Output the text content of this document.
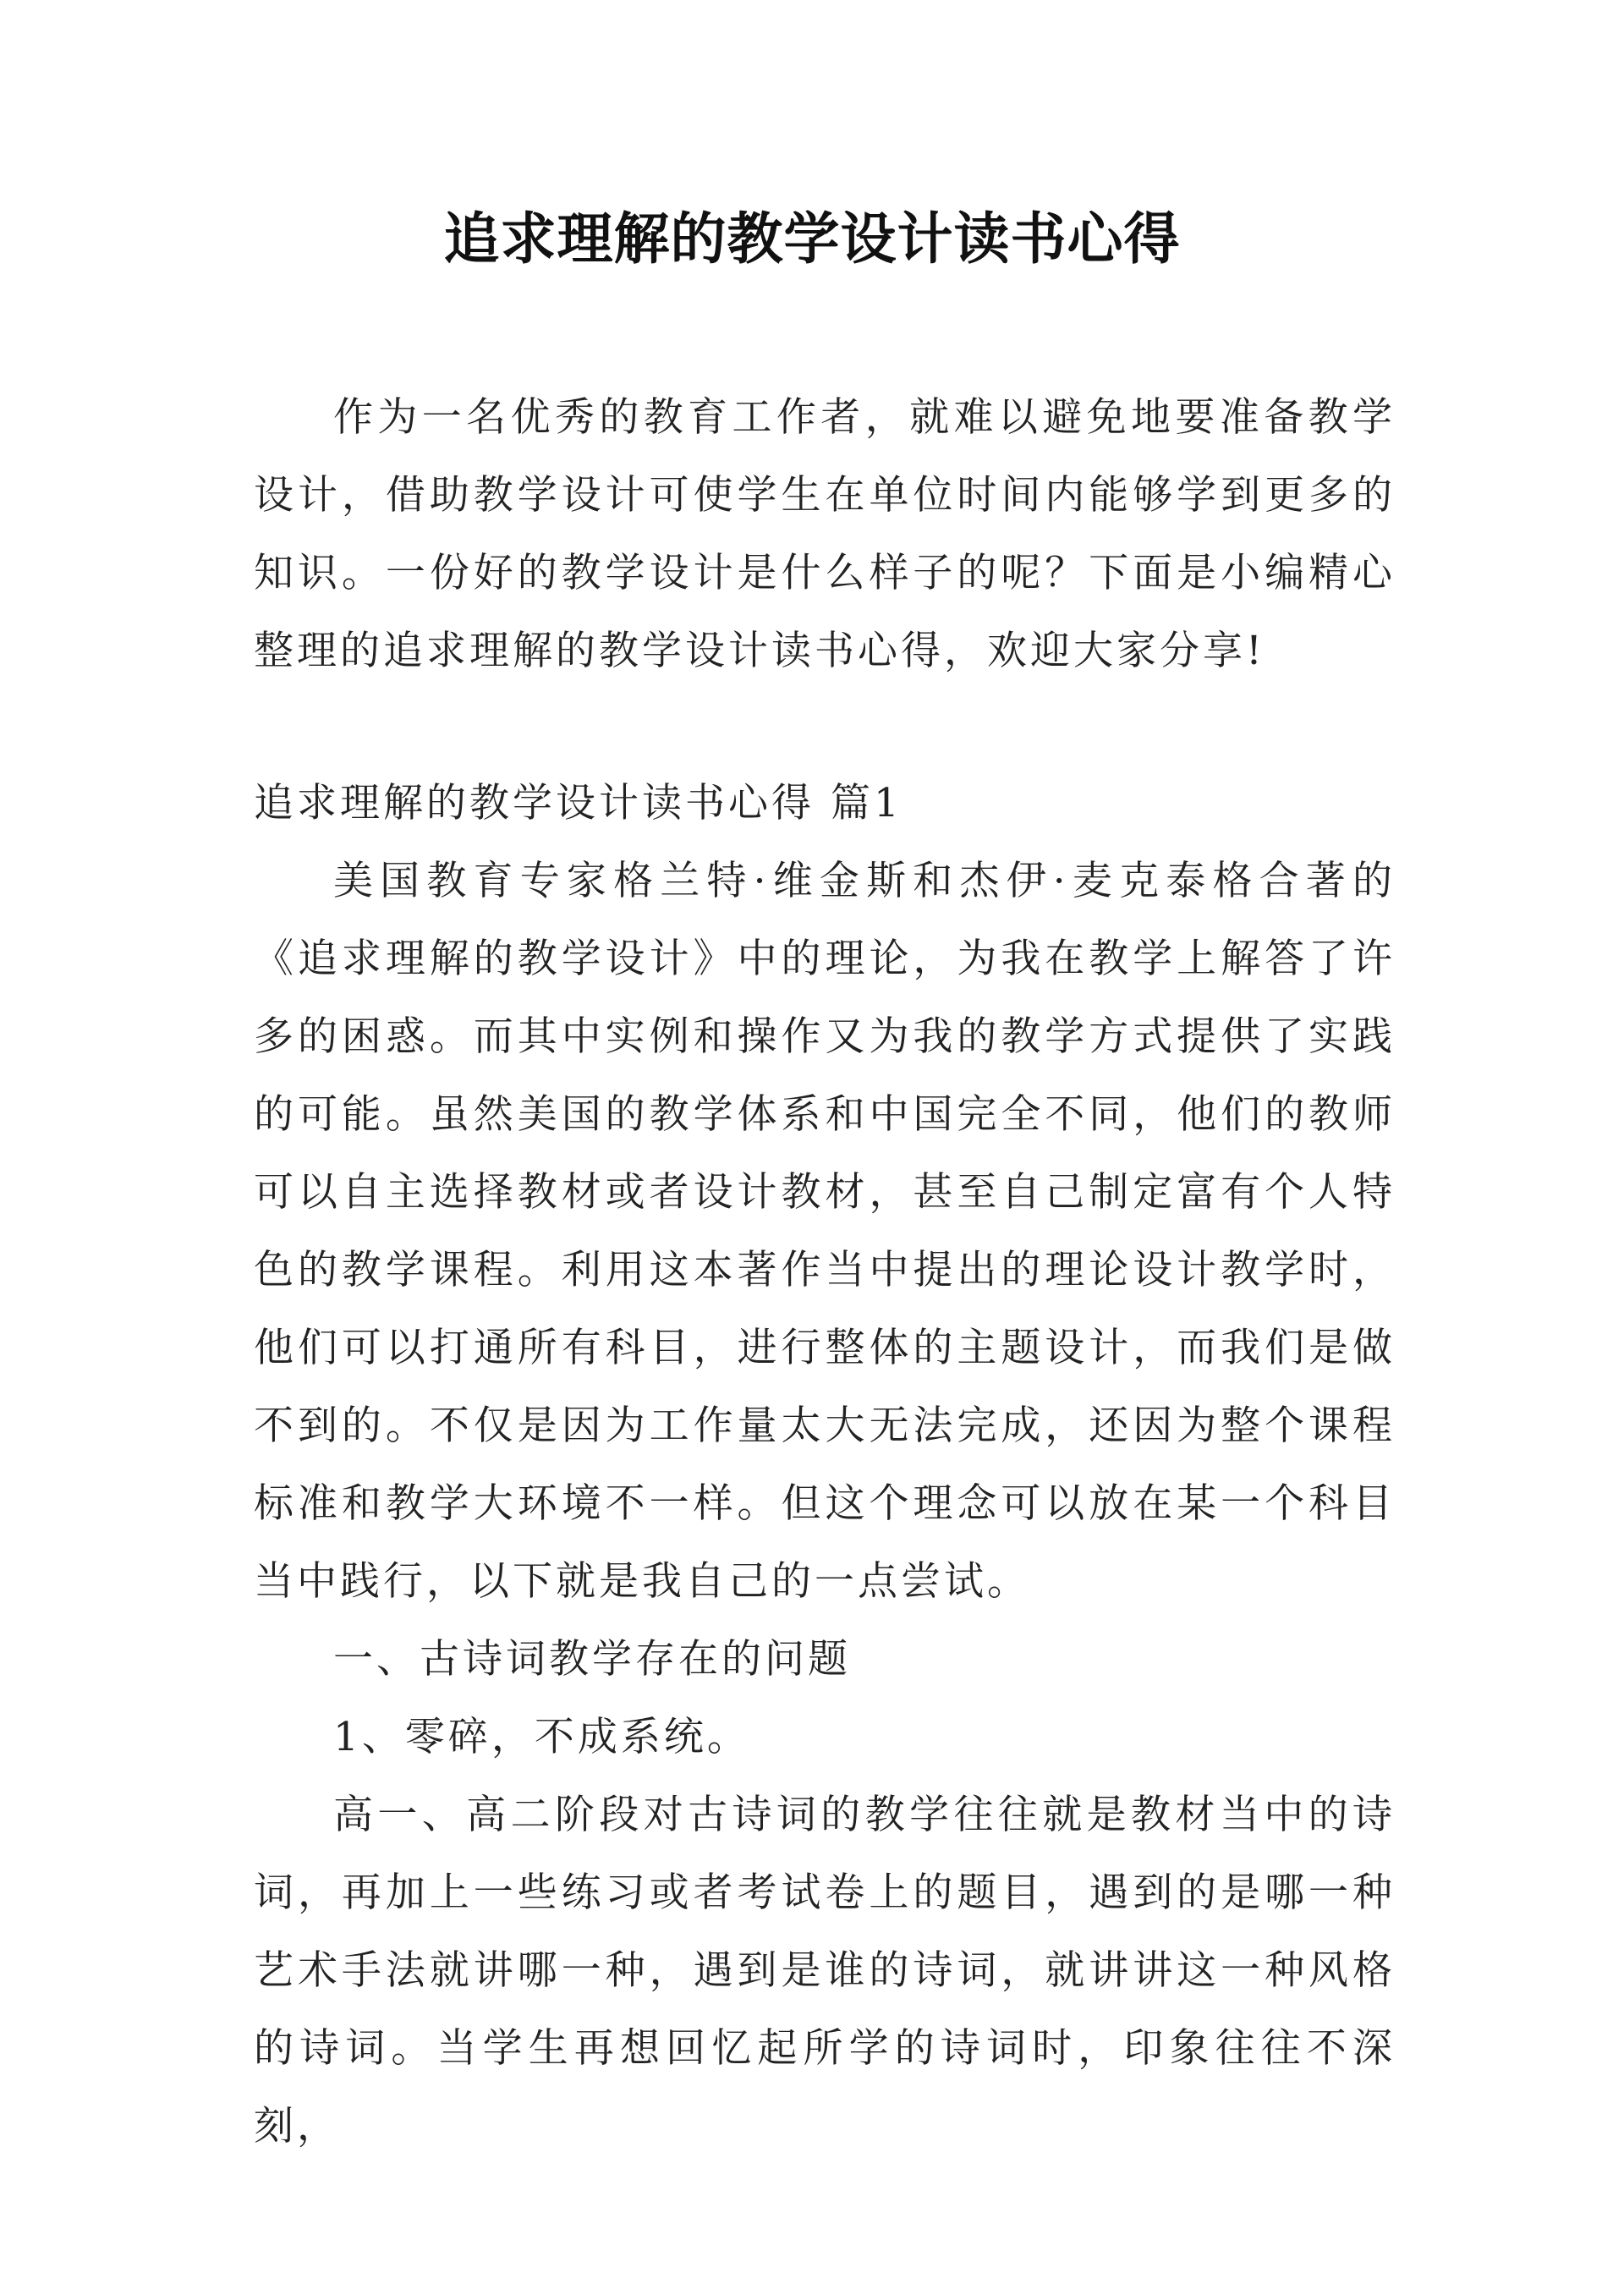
追求理解的教学设计读书心得

作为一名优秀的教育工作者，就难以避免地要准备教学设计，借助教学设计可使学生在单位时间内能够学到更多的知识。一份好的教学设计是什么样子的呢？下面是小编精心整理的追求理解的教学设计读书心得，欢迎大家分享!

追求理解的教学设计读书心得 篇1

美国教育专家格兰特·维金斯和杰伊·麦克泰格合著的《追求理解的教学设计》中的理论，为我在教学上解答了许多的困惑。而其中实例和操作又为我的教学方式提供了实践的可能。虽然美国的教学体系和中国完全不同，他们的教师可以自主选择教材或者设计教材，甚至自己制定富有个人特色的教学课程。利用这本著作当中提出的理论设计教学时，他们可以打通所有科目，进行整体的主题设计，而我们是做不到的。不仅是因为工作量太大无法完成，还因为整个课程标准和教学大环境不一样。但这个理念可以放在某一个科目当中践行，以下就是我自己的一点尝试。

一、古诗词教学存在的问题

1、零碎，不成系统。

高一、高二阶段对古诗词的教学往往就是教材当中的诗词，再加上一些练习或者考试卷上的题目，遇到的是哪一种艺术手法就讲哪一种，遇到是谁的诗词，就讲讲这一种风格的诗词。当学生再想回忆起所学的诗词时，印象往往不深刻，
